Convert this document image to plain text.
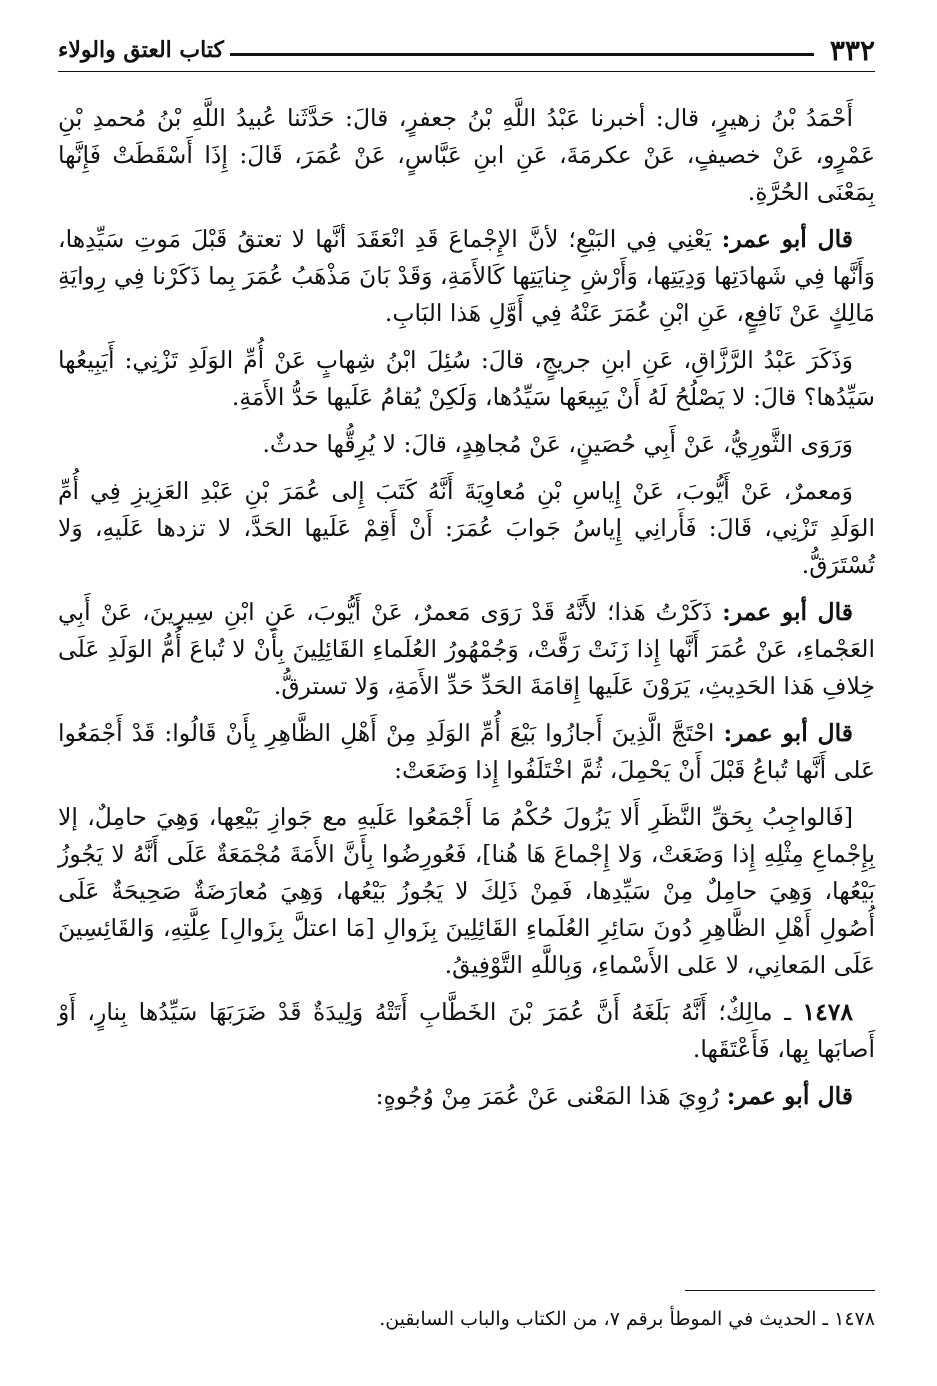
٣٣٢
كتاب العتق والولاء

أَحْمَدُ بْنُ زهيرٍ، قال: أخبرنا عَبْدُ اللَّهِ بْنُ جعفرٍ، قالَ: حَدَّثَنا عُبيدُ اللَّهِ بْنُ مُحمدِ بْنِ عَمْرٍو، عَنْ خصيفٍ، عَنْ عكرمَةَ، عَنِ ابنِ عَبَّاسٍ، عَنْ عُمَرَ، قَالَ: إِذَا أَسْقَطَتْ فَإِنَّها بِمَعْنَى الحُرَّةِ.

قال أبو عمر: يَعْنِي فِي البَيْعِ؛ لأنَّ الإِجْماعَ قَدِ انْعَقَدَ أنَّها لا تعتقُ قَبْلَ مَوتِ سَيِّدِها، وَأَنَّها فِي شَهادَتِها وَدِيَتِها، وَأَرْشِ جِنايَتِها كَالأَمَةِ، وَقَدْ بَانَ مَذْهَبُ عُمَرَ بِما ذَكَرْنا فِي رِوايَةِ مَالِكٍ عَنْ نَافِعٍ، عَنِ ابْنِ عُمَرَ عَنْهُ فِي أَوَّلِ هَذا البَابِ.

وَذَكَرَ عَبْدُ الرَّزَّاقِ، عَنِ ابنِ جريجٍ، قالَ: سُئِلَ ابْنُ شِهابٍ عَنْ أُمِّ الوَلَدِ تَزْنِي: أَيَبِيعُها سَيِّدُها؟ قالَ: لا يَصْلُحُ لَهُ أَنْ يَبِيعَها سَيِّدُها، وَلَكِنْ يُقامُ عَلَيها حَدُّ الأَمَةِ.

وَرَوَى الثَّورِيُّ، عَنْ أَبِي حُصَينٍ، عَنْ مُجاهِدٍ، قالَ: لا يُرِقُّها حدثٌ.

وَمعمرٌ، عَنْ أَيُّوبَ، عَنْ إِياسِ بْنِ مُعاوِيَةَ أَنَّهُ كَتَبَ إِلى عُمَرَ بْنِ عَبْدِ العَزِيزِ فِي أُمِّ الوَلَدِ تَزْنِي، قَالَ: فَأَرانِي إِياسُ جَوابَ عُمَرَ: أَنْ أَقِمْ عَلَيها الحَدَّ، لا تزدها عَلَيهِ، وَلا تُسْتَرَقُّ.

قال أبو عمر: ذَكَرْتُ هَذا؛ لأَنَّهُ قَدْ رَوَى مَعمرٌ، عَنْ أَيُّوبَ، عَنِ ابْنِ سِيرِينَ، عَنْ أَبِي العَجْماءِ، عَنْ عُمَرَ أَنَّها إِذا زَنَتْ رَقَّتْ، وَجُمْهُورُ العُلَماءِ القَائِلِينَ بِأَنْ لا تُباعَ أُمُّ الوَلَدِ عَلَى خِلافِ هَذا الحَدِيثِ، يَرَوْنَ عَلَيها إِقامَةَ الحَدِّ حَدِّ الأَمَةِ، وَلا تسترقُّ.

قال أبو عمر: احْتَجَّ الَّذِينَ أَجازُوا بَيْعَ أُمِّ الوَلَدِ مِنْ أَهْلِ الظَّاهِرِ بِأَنْ قَالُوا: قَدْ أَجْمَعُوا عَلى أَنَّها تُباعُ قَبْلَ أَنْ يَحْمِلَ، ثُمَّ اخْتَلَفُوا إِذا وَضَعَتْ:

[فَالواجِبُ بِحَقِّ النَّظَرِ أَلا يَزُولَ حُكْمُ مَا أَجْمَعُوا عَلَيهِ مع جَوازِ بَيْعِها، وَهِيَ حامِلٌ، إلا بِإِجْماعِ مِثْلِهِ إِذا وَضَعَتْ، وَلا إِجْماعَ هَا هُنا]، فَعُورِضُوا بِأَنَّ الأَمَةَ مُجْمَعَةٌ عَلَى أَنَّهُ لا يَجُوزُ بَيْعُها، وَهِيَ حامِلٌ مِنْ سَيِّدِها، فَمِنْ ذَلِكَ لا يَجُوزُ بَيْعُها، وَهِيَ مُعارَضَةٌ صَحِيحَةٌ عَلَى أُصُولِ أَهْلِ الظَّاهِرِ دُونَ سَائِرِ العُلَماءِ القَائِلِينَ بِزَوالِ [مَا اعتلَّ بِزَوالِ] عِلَّتِهِ، وَالقَائِسِينَ عَلَى المَعانِي، لا عَلى الأَسْماءِ، وَبِاللَّهِ التَّوْفِيقُ.

١٤٧٨ ـ مالِكٌ؛ أَنَّهُ بَلَغَهُ أَنَّ عُمَرَ بْنَ الخَطَّابِ أَتَتْهُ وَلِيدَةٌ قَدْ ضَرَبَهَا سَيِّدُها بِنارٍ، أَوْ أَصابَها بِها، فَأَعْتَقَها.

قال أبو عمر: رُوِيَ هَذا المَعْنى عَنْ عُمَرَ مِنْ وُجُوهٍ:

١٤٧٨ ـ الحديث في الموطأ برقم ٧، من الكتاب والباب السابقين.
